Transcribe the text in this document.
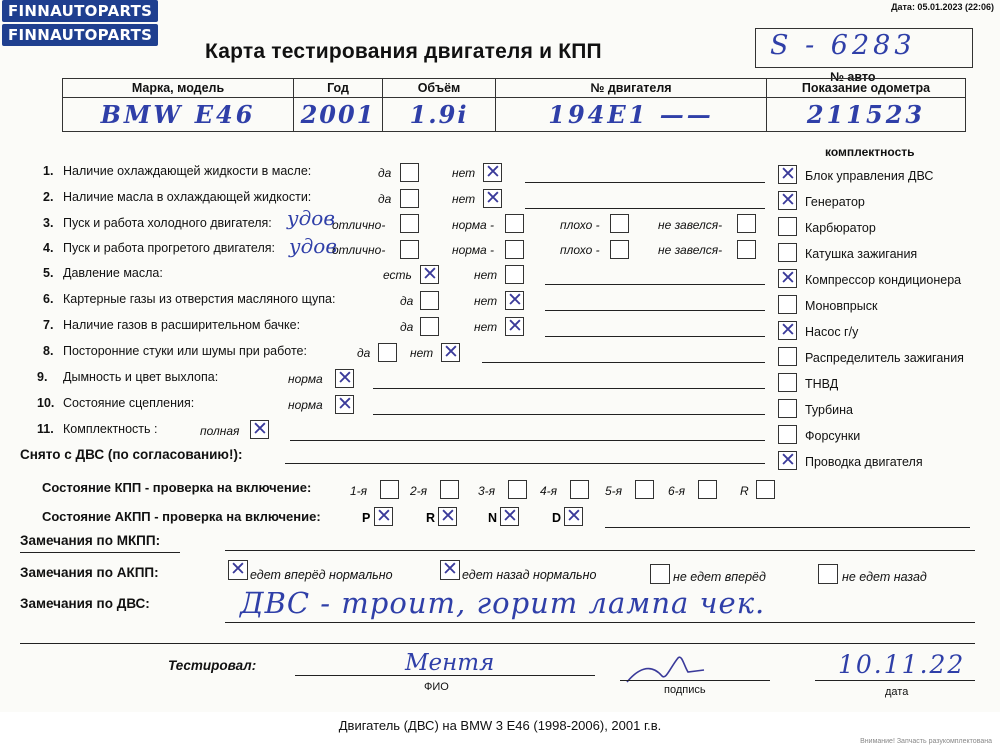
FINNAUTOPARTS
FINNAUTOPARTS
Дата: 05.01.2023 (22:06)
Карта тестирования двигателя и КПП	S - 6283
№ авто
Марка, модель	Год	Объём	№ двигателя	Показание одометра
BMW E46	2001	1.9i	194E1 ——	211523
комплектность
✕ Блок управления ДВС
✕ Генератор
Карбюратор
Катушка зажигания
✕ Компрессор кондиционера
Моновпрыск
✕ Насос г/у
Распределитель зажигания
ТНВД
Турбина
Форсунки
✕ Проводка двигателя
1. Наличие охлаждающей жидкости в масле:	да	нет ✕
2. Наличие масла в охлаждающей жидкости:	да	нет ✕
3. Пуск и работа холодного двигателя: удов
отлично-	норма -	плохо -	не завелся-
4. Пуск и работа прогретого двигателя: удов
отлично-	норма -	плохо -	не завелся-
5. Давление масла:	есть ✕	нет
6. Картерные газы из отверстия масляного щупа:	да	нет ✕
7. Наличие газов в расширительном бачке:	да	нет ✕
8. Посторонние стуки или шумы при работе:	да	нет ✕
9. Дымность и цвет выхлопа:	норма ✕
10. Состояние сцепления:	норма ✕
11. Комплектность :	полная ✕
Снято с ДВС (по согласованию!):
Состояние КПП - проверка на включение:	1-я	2-я	3-я	4-я	5-я	6-я	R
Состояние АКПП - проверка на включение:	P ✕	R ✕	N ✕	D ✕
Замечания по МКПП:
Замечания по АКПП:	✕ едет вперёд нормально	✕ едет назад нормально	не едет вперёд	не едет назад
Замечания по ДВС:	ДВС - троит, горит лампа чек.
Тестировал:	Ментя
ФИО	подпись
10.11.22
дата
Двигатель (ДВС) на BMW 3 E46 (1998-2006), 2001 г.в.
Внимание! Запчасть разукомплектована
